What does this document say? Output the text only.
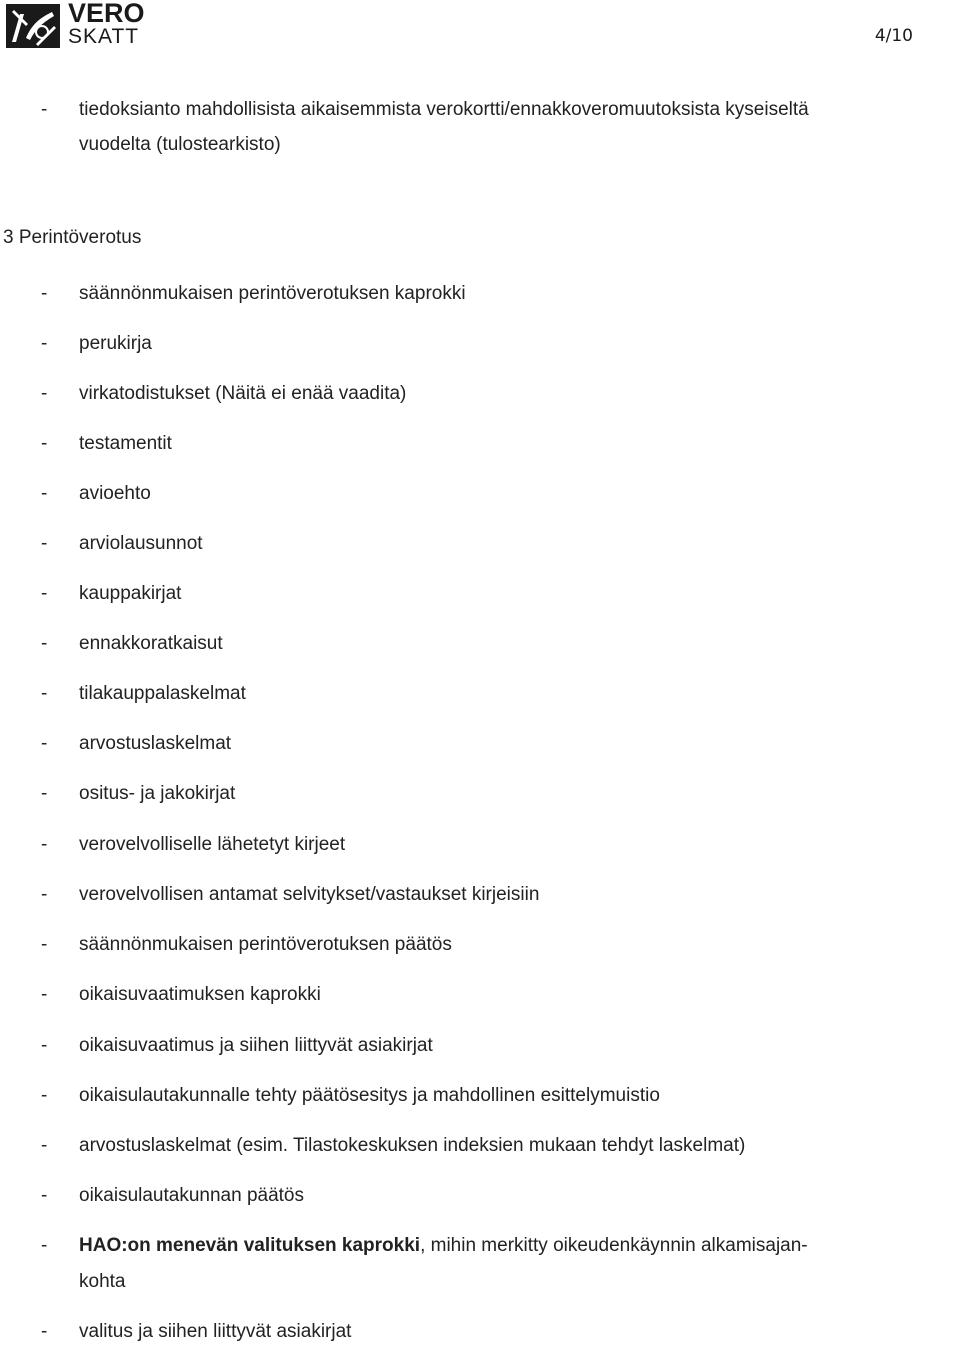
VERO
SKATT	4/10
- tiedoksianto mahdollisista aikaisemmista verokortti/ennakkoveromuutoksista kyseiseltä
vuodelta (tulostearkisto)
3 Perintöverotus
- säännönmukaisen perintöverotuksen kaprokki
- perukirja
- virkatodistukset (Näitä ei enää vaadita)
- testamentit
- avioehto
- arviolausunnot
- kauppakirjat
- ennakkoratkaisut
- tilakauppalaskelmat
- arvostuslaskelmat
- ositus- ja jakokirjat
- verovelvolliselle lähetetyt kirjeet
- verovelvollisen antamat selvitykset/vastaukset kirjeisiin
- säännönmukaisen perintöverotuksen päätös
- oikaisuvaatimuksen kaprokki
- oikaisuvaatimus ja siihen liittyvät asiakirjat
- oikaisulautakunnalle tehty päätösesitys ja mahdollinen esittelymuistio
- arvostuslaskelmat (esim. Tilastokeskuksen indeksien mukaan tehdyt laskelmat)
- oikaisulautakunnan päätös
- HAO:on menevän valituksen kaprokki, mihin merkitty oikeudenkäynnin alkamisajan-
kohta
- valitus ja siihen liittyvät asiakirjat
